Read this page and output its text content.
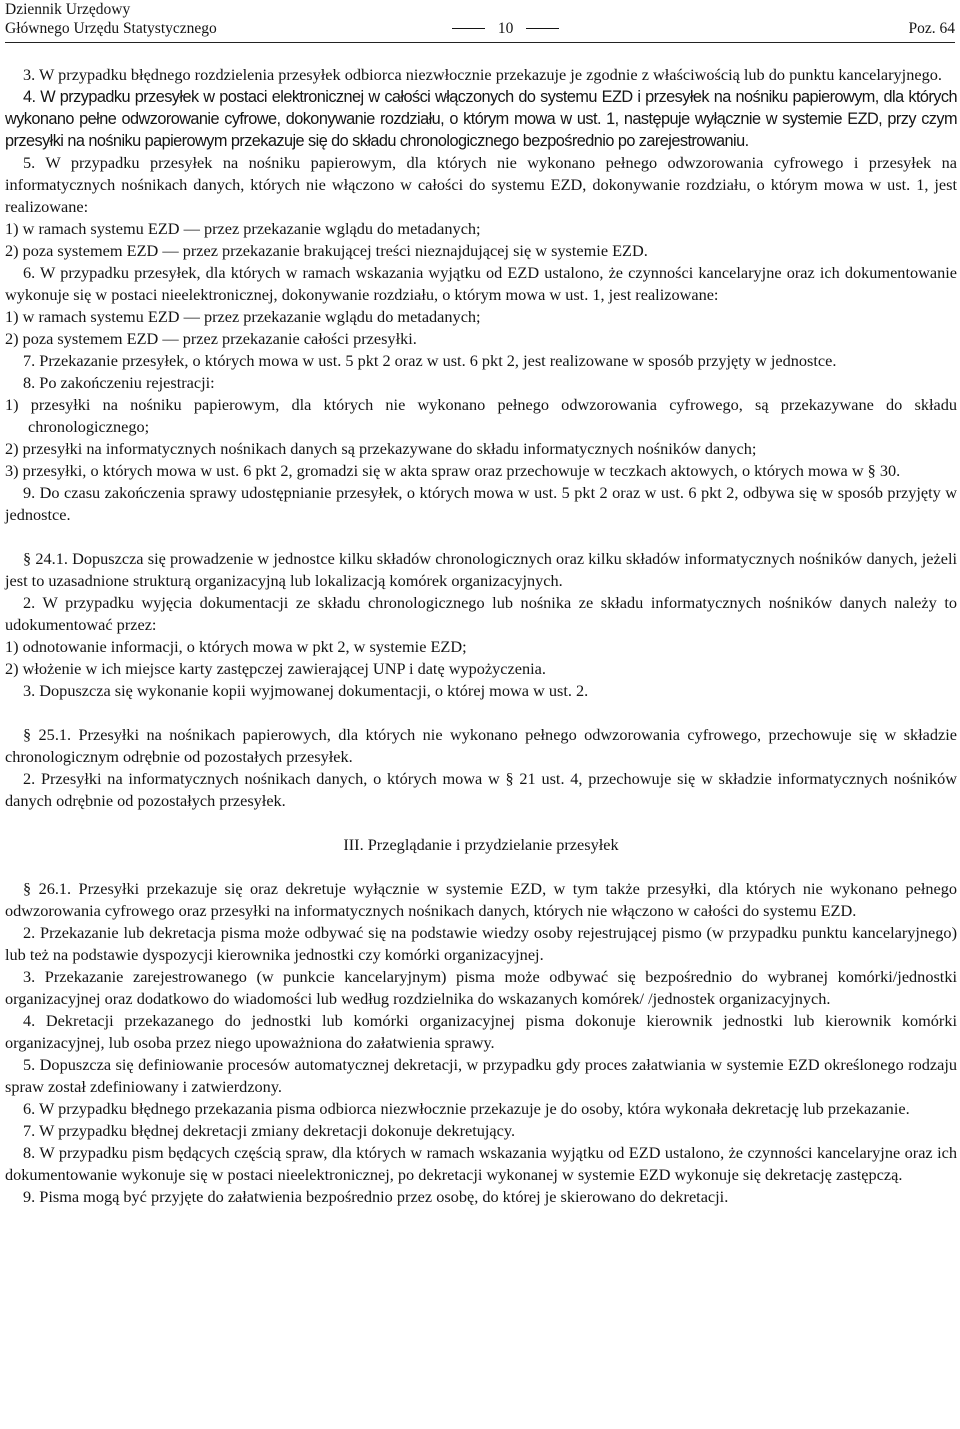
Dziennik Urzędowy
Głównego Urzędu Statystycznego	10	Poz. 64

3. W przypadku błędnego rozdzielenia przesyłek odbiorca niezwłocznie przekazuje je zgodnie z właściwością lub do punktu kancelaryjnego.

4. W przypadku przesyłek w postaci elektronicznej w całości włączonych do systemu EZD i przesyłek na nośniku papierowym, dla których wykonano pełne odwzorowanie cyfrowe, dokonywanie rozdziału, o którym mowa w ust. 1, następuje wyłącznie w systemie EZD, przy czym przesyłki na nośniku papierowym przekazuje się do składu chronologicznego bezpośrednio po zarejestrowaniu.

5. W przypadku przesyłek na nośniku papierowym, dla których nie wykonano pełnego odwzorowania cyfrowego i przesyłek na informatycznych nośnikach danych, których nie włączono w całości do systemu EZD, dokonywanie rozdziału, o którym mowa w ust. 1, jest realizowane:

1) w ramach systemu EZD — przez przekazanie wglądu do metadanych;

2) poza systemem EZD — przez przekazanie brakującej treści nieznajdującej się w systemie EZD.

6. W przypadku przesyłek, dla których w ramach wskazania wyjątku od EZD ustalono, że czynności kancelaryjne oraz ich dokumentowanie wykonuje się w postaci nieelektronicznej, dokonywanie rozdziału, o którym mowa w ust. 1, jest realizowane:

1) w ramach systemu EZD — przez przekazanie wglądu do metadanych;

2) poza systemem EZD — przez przekazanie całości przesyłki.

7. Przekazanie przesyłek, o których mowa w ust. 5 pkt 2 oraz w ust. 6 pkt 2, jest realizowane w sposób przyjęty w jednostce.

8. Po zakończeniu rejestracji:

1) przesyłki na nośniku papierowym, dla których nie wykonano pełnego odwzorowania cyfrowego, są przekazywane do składu chronologicznego;

2) przesyłki na informatycznych nośnikach danych są przekazywane do składu informatycznych nośników danych;

3) przesyłki, o których mowa w ust. 6 pkt 2, gromadzi się w akta spraw oraz przechowuje w teczkach aktowych, o których mowa w § 30.

9. Do czasu zakończenia sprawy udostępnianie przesyłek, o których mowa w ust. 5 pkt 2 oraz w ust. 6 pkt 2, odbywa się w sposób przyjęty w jednostce.

§ 24.1. Dopuszcza się prowadzenie w jednostce kilku składów chronologicznych oraz kilku składów informatycznych nośników danych, jeżeli jest to uzasadnione strukturą organizacyjną lub lokalizacją komórek organizacyjnych.

2. W przypadku wyjęcia dokumentacji ze składu chronologicznego lub nośnika ze składu informatycznych nośników danych należy to udokumentować przez:

1) odnotowanie informacji, o których mowa w pkt 2, w systemie EZD;

2) włożenie w ich miejsce karty zastępczej zawierającej UNP i datę wypożyczenia.

3. Dopuszcza się wykonanie kopii wyjmowanej dokumentacji, o której mowa w ust. 2.

§ 25.1. Przesyłki na nośnikach papierowych, dla których nie wykonano pełnego odwzorowania cyfrowego, przechowuje się w składzie chronologicznym odrębnie od pozostałych przesyłek.

2. Przesyłki na informatycznych nośnikach danych, o których mowa w § 21 ust. 4, przechowuje się w składzie informatycznych nośników danych odrębnie od pozostałych przesyłek.

III. Przeglądanie i przydzielanie przesyłek

§ 26.1. Przesyłki przekazuje się oraz dekretuje wyłącznie w systemie EZD, w tym także przesyłki, dla których nie wykonano pełnego odwzorowania cyfrowego oraz przesyłki na informatycznych nośnikach danych, których nie włączono w całości do systemu EZD.

2. Przekazanie lub dekretacja pisma może odbywać się na podstawie wiedzy osoby rejestrującej pismo (w przypadku punktu kancelaryjnego) lub też na podstawie dyspozycji kierownika jednostki czy komórki organizacyjnej.

3. Przekazanie zarejestrowanego (w punkcie kancelaryjnym) pisma może odbywać się bezpośrednio do wybranej komórki/jednostki organizacyjnej oraz dodatkowo do wiadomości lub według rozdzielnika do wskazanych komórek/ /jednostek organizacyjnych.

4. Dekretacji przekazanego do jednostki lub komórki organizacyjnej pisma dokonuje kierownik jednostki lub kierownik komórki organizacyjnej, lub osoba przez niego upoważniona do załatwienia sprawy.

5. Dopuszcza się definiowanie procesów automatycznej dekretacji, w przypadku gdy proces załatwiania w systemie EZD określonego rodzaju spraw został zdefiniowany i zatwierdzony.

6. W przypadku błędnego przekazania pisma odbiorca niezwłocznie przekazuje je do osoby, która wykonała dekretację lub przekazanie.

7. W przypadku błędnej dekretacji zmiany dekretacji dokonuje dekretujący.

8. W przypadku pism będących częścią spraw, dla których w ramach wskazania wyjątku od EZD ustalono, że czynności kancelaryjne oraz ich dokumentowanie wykonuje się w postaci nieelektronicznej, po dekretacji wykonanej w systemie EZD wykonuje się dekretację zastępczą.

9. Pisma mogą być przyjęte do załatwienia bezpośrednio przez osobę, do której je skierowano do dekretacji.
